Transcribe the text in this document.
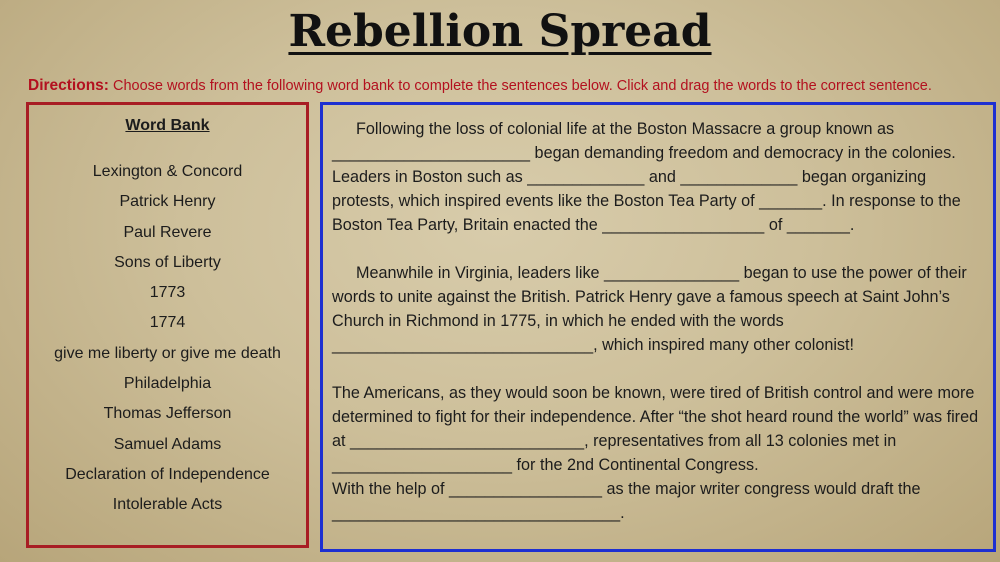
Rebellion Spread
Directions: Choose words from the following word bank to complete the sentences below. Click and drag the words to the correct sentence.
Word Bank
Lexington & Concord
Patrick Henry
Paul Revere
Sons of Liberty
1773
1774
give me liberty or give me death
Philadelphia
Thomas Jefferson
Samuel Adams
Declaration of Independence
Intolerable Acts

Following the loss of colonial life at the Boston Massacre a group known as
______________________ began demanding freedom and democracy in the colonies. Leaders in Boston such as _____________ and _____________ began organizing protests, which inspired events like the Boston Tea Party of _______. In response to the Boston Tea Party, Britain enacted the __________________ of _______.

Meanwhile in Virginia, leaders like _______________ began to use the power of their words to unite against the British. Patrick Henry gave a famous speech at Saint John’s Church in Richmond in 1775, in which he ended with the words _____________________________, which inspired many other colonist!

The Americans, as they would soon be known, were tired of British control and were more determined to fight for their independence. After “the shot heard round the world” was fired at __________________________, representatives from all 13 colonies met in ____________________ for the 2nd Continental Congress.

With the help of _________________ as the major writer congress would draft the ________________________________.
